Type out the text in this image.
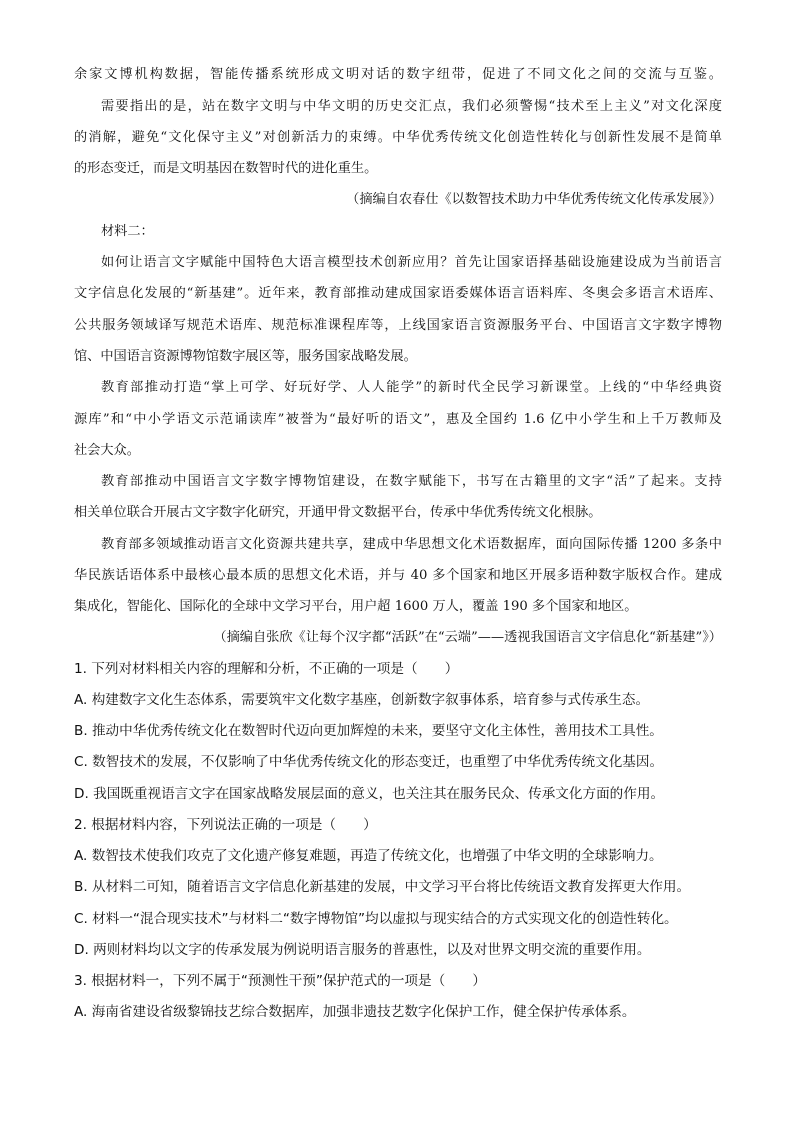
余家文博机构数据，智能传播系统形成文明对话的数字纽带，促进了不同文化之间的交流与互鉴。
需要指出的是，站在数字文明与中华文明的历史交汇点，我们必须警惕“技术至上主义”对文化深度
的消解，避免“文化保守主义”对创新活力的束缚。中华优秀传统文化创造性转化与创新性发展不是简单
的形态变迁，而是文明基因在数智时代的进化重生。
（摘编自农春仕《以数智技术助力中华优秀传统文化传承发展》）
材料二：
如何让语言文字赋能中国特色大语言模型技术创新应用？首先让国家语择基础设施建设成为当前语言
文字信息化发展的“新基建”。近年来，教育部推动建成国家语委媒体语言语料库、冬奥会多语言术语库、
公共服务领域译写规范术语库、规范标准课程库等，上线国家语言资源服务平台、中国语言文字数字博物
馆、中国语言资源博物馆数字展区等，服务国家战略发展。
教育部推动打造“掌上可学、好玩好学、人人能学”的新时代全民学习新课堂。上线的“中华经典资
源库”和“中小学语文示范诵读库”被誉为“最好听的语文”，惠及全国约 1.6 亿中小学生和上千万教师及
社会大众。
教育部推动中国语言文字数字博物馆建设，在数字赋能下，书写在古籍里的文字“活”了起来。支持
相关单位联合开展古文字数字化研究，开通甲骨文数据平台，传承中华优秀传统文化根脉。
教育部多领域推动语言文化资源共建共享，建成中华思想文化术语数据库，面向国际传播 1200 多条中
华民族话语体系中最核心最本质的思想文化术语，并与 40 多个国家和地区开展多语种数字版权合作。建成
集成化，智能化、国际化的全球中文学习平台，用户超 1600 万人，覆盖 190 多个国家和地区。
（摘编自张欣《让每个汉字都“活跃”在“云端”——透视我国语言文字信息化“新基建”》）
1. 下列对材料相关内容的理解和分析，不正确的一项是（　　）
A. 构建数字文化生态体系，需要筑牢文化数字基座，创新数字叙事体系，培育参与式传承生态。
B. 推动中华优秀传统文化在数智时代迈向更加辉煌的未来，要坚守文化主体性，善用技术工具性。
C. 数智技术的发展，不仅影响了中华优秀传统文化的形态变迁，也重塑了中华优秀传统文化基因。
D. 我国既重视语言文字在国家战略发展层面的意义，也关注其在服务民众、传承文化方面的作用。
2. 根据材料内容，下列说法正确的一项是（　　）
A. 数智技术使我们攻克了文化遗产修复难题，再造了传统文化，也增强了中华文明的全球影响力。
B. 从材料二可知，随着语言文字信息化新基建的发展，中文学习平台将比传统语文教育发挥更大作用。
C. 材料一“混合现实技术”与材料二“数字博物馆”均以虚拟与现实结合的方式实现文化的创造性转化。
D. 两则材料均以文字的传承发展为例说明语言服务的普惠性，以及对世界文明交流的重要作用。
3. 根据材料一，下列不属于“预测性干预”保护范式的一项是（　　）
A. 海南省建设省级黎锦技艺综合数据库，加强非遗技艺数字化保护工作，健全保护传承体系。
